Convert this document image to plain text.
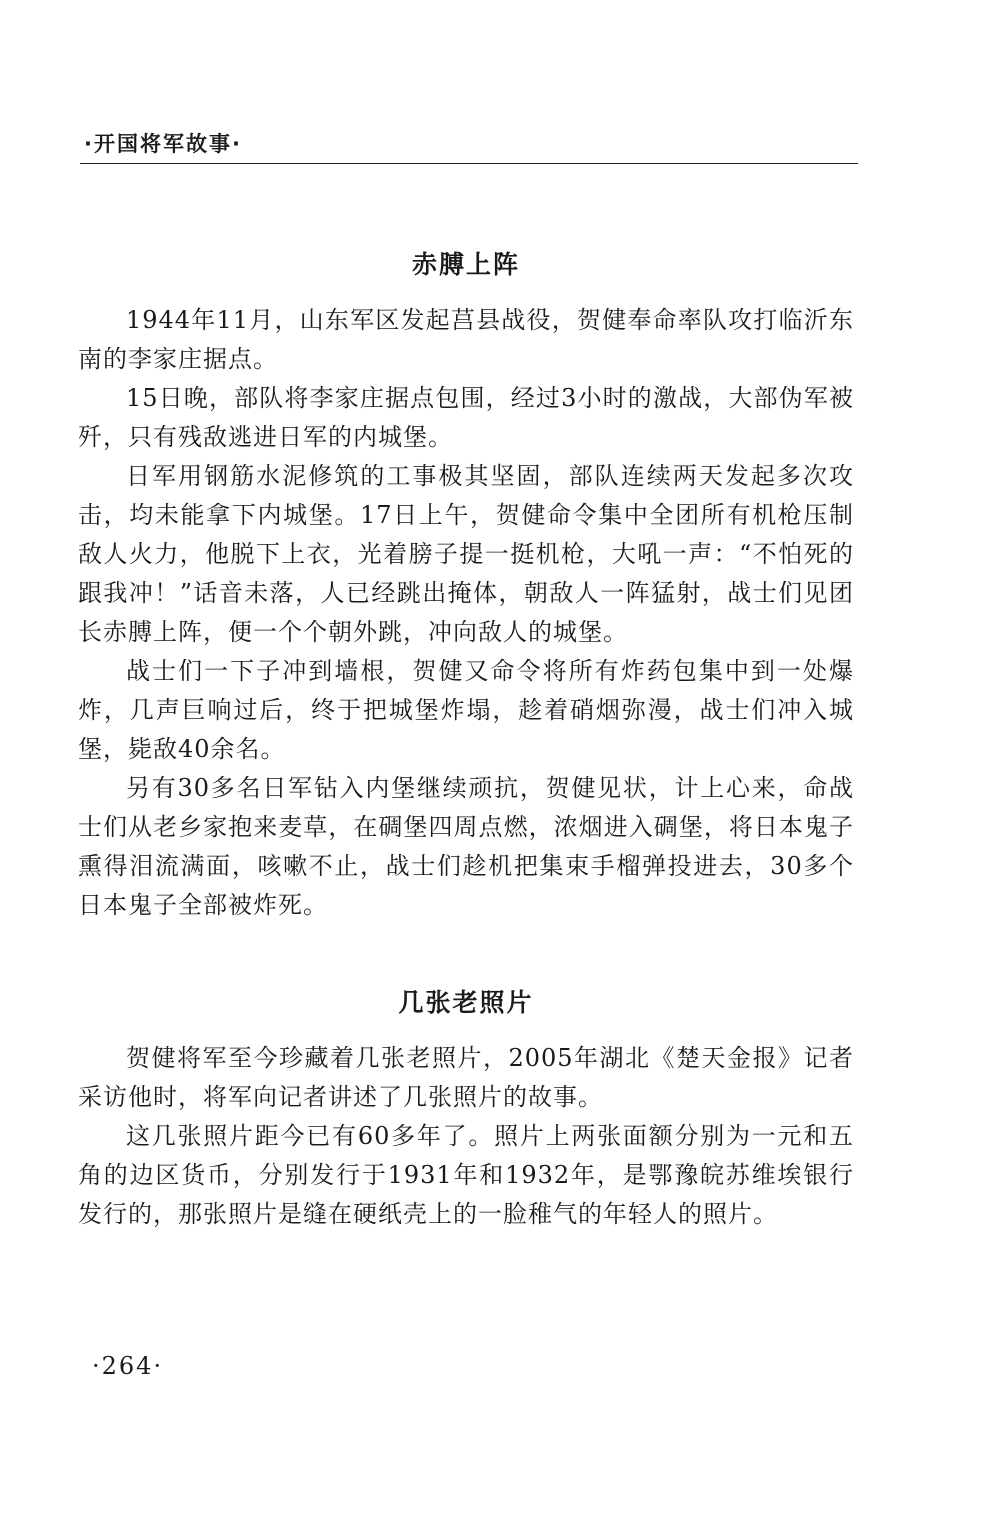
·开国将军故事·
赤膊上阵

1944年11月，山东军区发起莒县战役，贺健奉命率队攻打临沂东南的李家庄据点。

15日晚，部队将李家庄据点包围，经过3小时的激战，大部伪军被歼，只有残敌逃进日军的内城堡。

日军用钢筋水泥修筑的工事极其坚固，部队连续两天发起多次攻击，均未能拿下内城堡。17日上午，贺健命令集中全团所有机枪压制敌人火力，他脱下上衣，光着膀子提一挺机枪，大吼一声：“不怕死的跟我冲！”话音未落，人已经跳出掩体，朝敌人一阵猛射，战士们见团长赤膊上阵，便一个个朝外跳，冲向敌人的城堡。

战士们一下子冲到墙根，贺健又命令将所有炸药包集中到一处爆炸，几声巨响过后，终于把城堡炸塌，趁着硝烟弥漫，战士们冲入城堡，毙敌40余名。

另有30多名日军钻入内堡继续顽抗，贺健见状，计上心来，命战士们从老乡家抱来麦草，在碉堡四周点燃，浓烟进入碉堡，将日本鬼子熏得泪流满面，咳嗽不止，战士们趁机把集束手榴弹投进去，30多个日本鬼子全部被炸死。

几张老照片

贺健将军至今珍藏着几张老照片，2005年湖北《楚天金报》记者采访他时，将军向记者讲述了几张照片的故事。

这几张照片距今已有60多年了。照片上两张面额分别为一元和五角的边区货币，分别发行于1931年和1932年，是鄂豫皖苏维埃银行发行的，那张照片是缝在硬纸壳上的一脸稚气的年轻人的照片。

·264·
